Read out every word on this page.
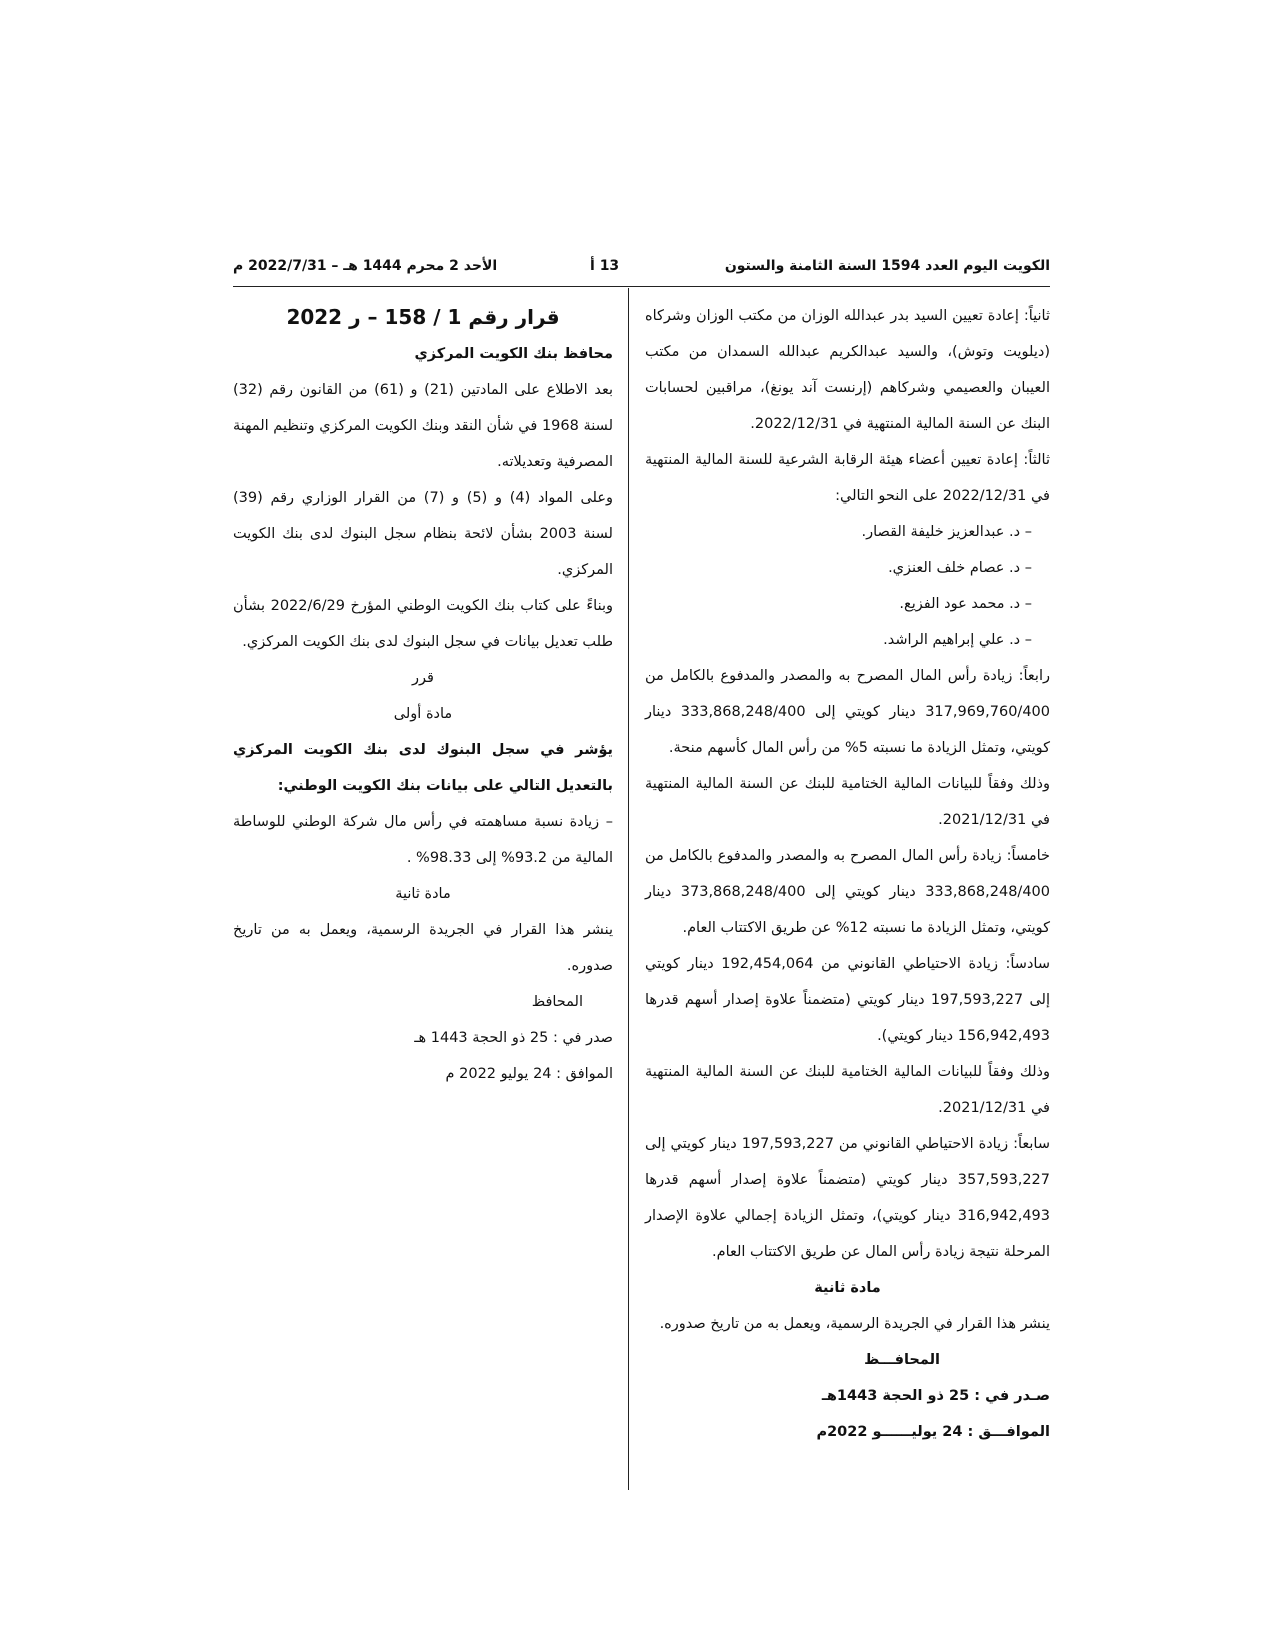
الكويت اليوم العدد 1594 السنة الثامنة والستون
13 أ
الأحد 2 محرم 1444 هـ – 2022/7/31 م

ثانياً: إعادة تعيين السيد بدر عبدالله الوزان من مكتب الوزان وشركاه (ديلويت وتوش)، والسيد عبدالكريم عبدالله السمدان من مكتب العيبان والعصيمي وشركاهم (إرنست آند يونغ)، مراقبين لحسابات البنك عن السنة المالية المنتهية في 2022/12/31.

ثالثاً: إعادة تعيين أعضاء هيئة الرقابة الشرعية للسنة المالية المنتهية في 2022/12/31 على النحو التالي:

– د. عبدالعزيز خليفة القصار.

– د. عصام خلف العنزي.

– د. محمد عود الفزيع.

– د. علي إبراهيم الراشد.

رابعاً: زيادة رأس المال المصرح به والمصدر والمدفوع بالكامل من 317,969,760/400 دينار كويتي إلى 333,868,248/400 دينار كويتي، وتمثل الزيادة ما نسبته 5% من رأس المال كأسهم منحة.

وذلك وفقاً للبيانات المالية الختامية للبنك عن السنة المالية المنتهية في 2021/12/31.

خامساً: زيادة رأس المال المصرح به والمصدر والمدفوع بالكامل من 333,868,248/400 دينار كويتي إلى 373,868,248/400 دينار كويتي، وتمثل الزيادة ما نسبته 12% عن طريق الاكتتاب العام.

سادساً: زيادة الاحتياطي القانوني من 192,454,064 دينار كويتي إلى 197,593,227 دينار كويتي (متضمناً علاوة إصدار أسهم قدرها 156,942,493 دينار كويتي).

وذلك وفقاً للبيانات المالية الختامية للبنك عن السنة المالية المنتهية في 2021/12/31.

سابعاً: زيادة الاحتياطي القانوني من 197,593,227 دينار كويتي إلى 357,593,227 دينار كويتي (متضمناً علاوة إصدار أسهم قدرها 316,942,493 دينار كويتي)، وتمثل الزيادة إجمالي علاوة الإصدار المرحلة نتيجة زيادة رأس المال عن طريق الاكتتاب العام.

مادة ثانية

ينشر هذا القرار في الجريدة الرسمية، ويعمل به من تاريخ صدوره.

المحافـــظ

صـدر في : 25 ذو الحجة 1443هـ

الموافـــق : 24 يوليــــــو 2022م

قرار رقم 1 / 158 – ر 2022

محافظ بنك الكويت المركزي

بعد الاطلاع على المادتين (21) و (61) من القانون رقم (32) لسنة 1968 في شأن النقد وبنك الكويت المركزي وتنظيم المهنة المصرفية وتعديلاته.

وعلى المواد (4) و (5) و (7) من القرار الوزاري رقم (39) لسنة 2003 بشأن لائحة بنظام سجل البنوك لدى بنك الكويت المركزي.

وبناءً على كتاب بنك الكويت الوطني المؤرخ 2022/6/29 بشأن طلب تعديل بيانات في سجل البنوك لدى بنك الكويت المركزي.

قرر

مادة أولى

يؤشر في سجل البنوك لدى بنك الكويت المركزي بالتعديل التالي على بيانات بنك الكويت الوطني:

– زيادة نسبة مساهمته في رأس مال شركة الوطني للوساطة المالية من 93.2% إلى 98.33% .

مادة ثانية

ينشر هذا القرار في الجريدة الرسمية، ويعمل به من تاريخ صدوره.

المحافظ

صدر في : 25 ذو الحجة 1443 هـ

الموافق : 24 يوليو 2022 م
